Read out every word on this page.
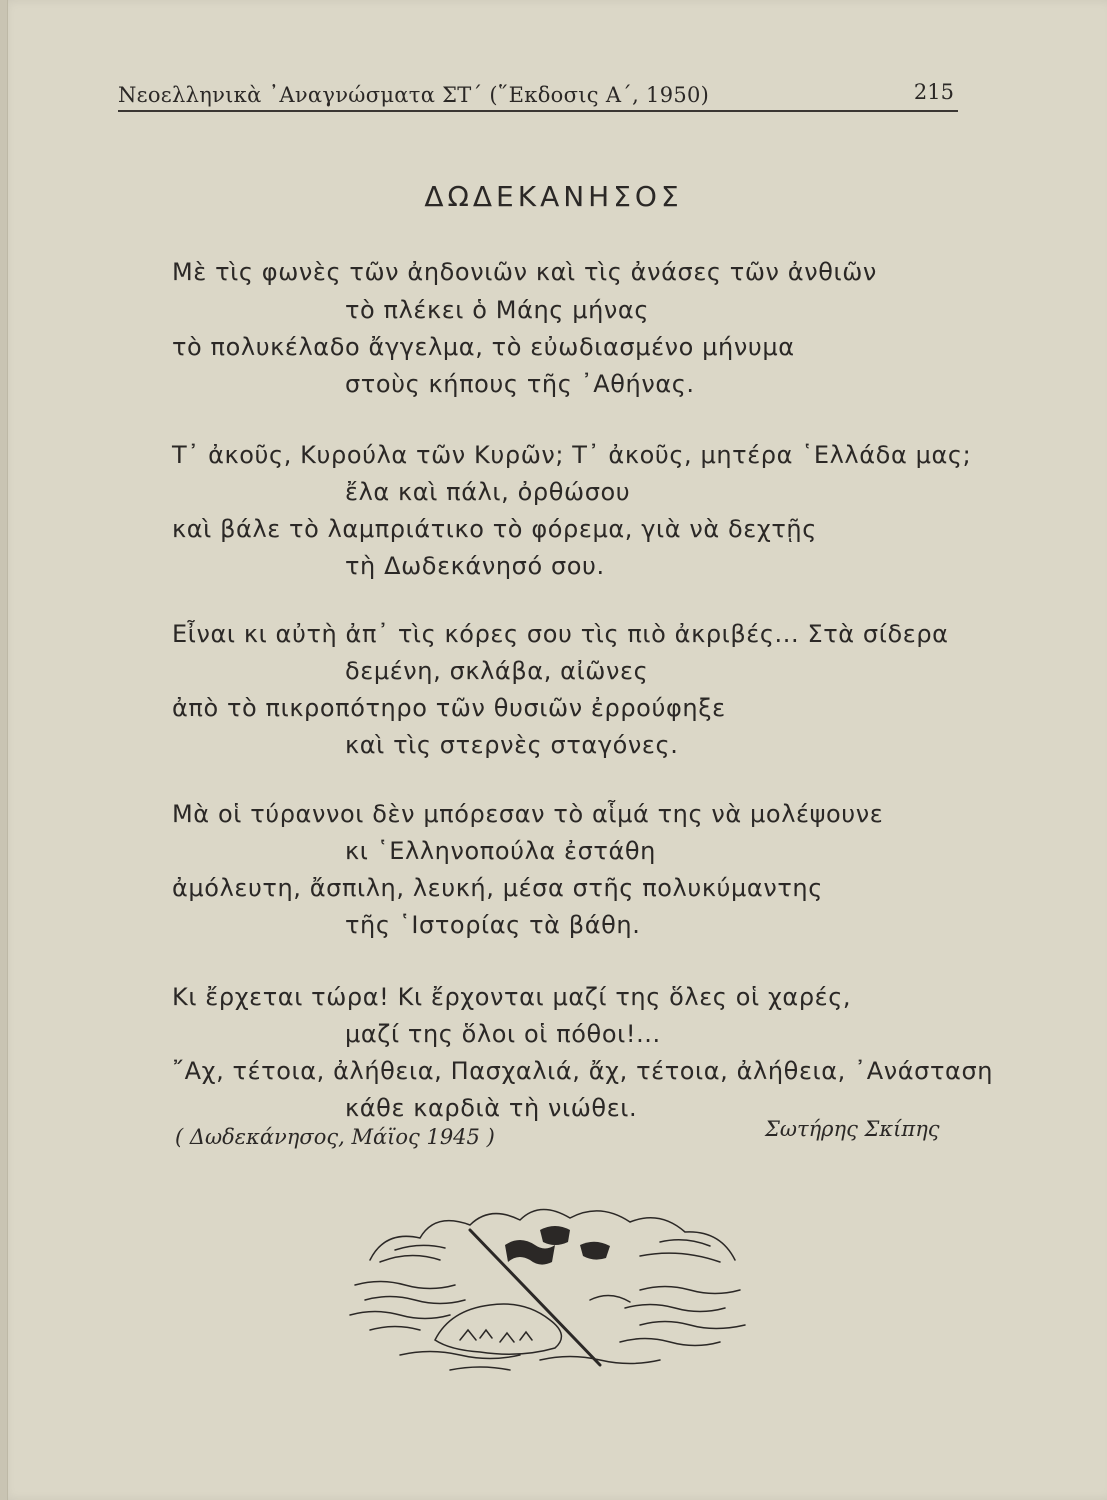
Νεοελληνικὰ ᾿Αναγνώσματα ΣΤ΄ (῞Εκδοσις Α΄, 1950)	215
ΔΩΔΕΚΑΝΗΣΟΣ
Μὲ τὶς φωνὲς τῶν ἀηδονιῶν καὶ τὶς ἀνάσες τῶν ἀνθιῶν
τὸ πλέκει ὁ Μάης μήνας
τὸ πολυκέλαδο ἄγγελμα, τὸ εὐωδιασμένο μήνυμα
στοὺς κήπους τῆς ᾿Αθήνας.
Τ᾿ ἀκοῦς, Κυρούλα τῶν Κυρῶν; Τ᾿ ἀκοῦς, μητέρα ῾Ελλάδα μας;
ἔλα καὶ πάλι, ὀρθώσου
καὶ βάλε τὸ λαμπριάτικο τὸ φόρεμα, γιὰ νὰ δεχτῇς
τὴ Δωδεκάνησό σου.
Εἶναι κι αὐτὴ ἀπ᾿ τὶς κόρες σου τὶς πιὸ ἀκριβές... Στὰ σίδερα
δεμένη, σκλάβα, αἰῶνες
ἀπὸ τὸ πικροπότηρο τῶν θυσιῶν ἐρρούφηξε
καὶ τὶς στερνὲς σταγόνες.
Μὰ οἱ τύραννοι δὲν μπόρεσαν τὸ αἷμά της νὰ μολέψουνε
κι ῾Ελληνοπούλα ἐστάθη
ἀμόλευτη, ἄσπιλη, λευκή, μέσα στῆς πολυκύμαντης
τῆς ῾Ιστορίας τὰ βάθη.
Κι ἔρχεται τώρα! Κι ἔρχονται μαζί της ὅλες οἱ χαρές,
μαζί της ὅλοι οἱ πόθοι!...
῎Αχ, τέτοια, ἀλήθεια, Πασχαλιά, ἄχ, τέτοια, ἀλήθεια, ᾿Ανάσταση
κάθε καρδιὰ τὴ νιώθει.
( Δωδεκάνησος, Μάϊος 1945 )	Σωτήρης Σκίπης
